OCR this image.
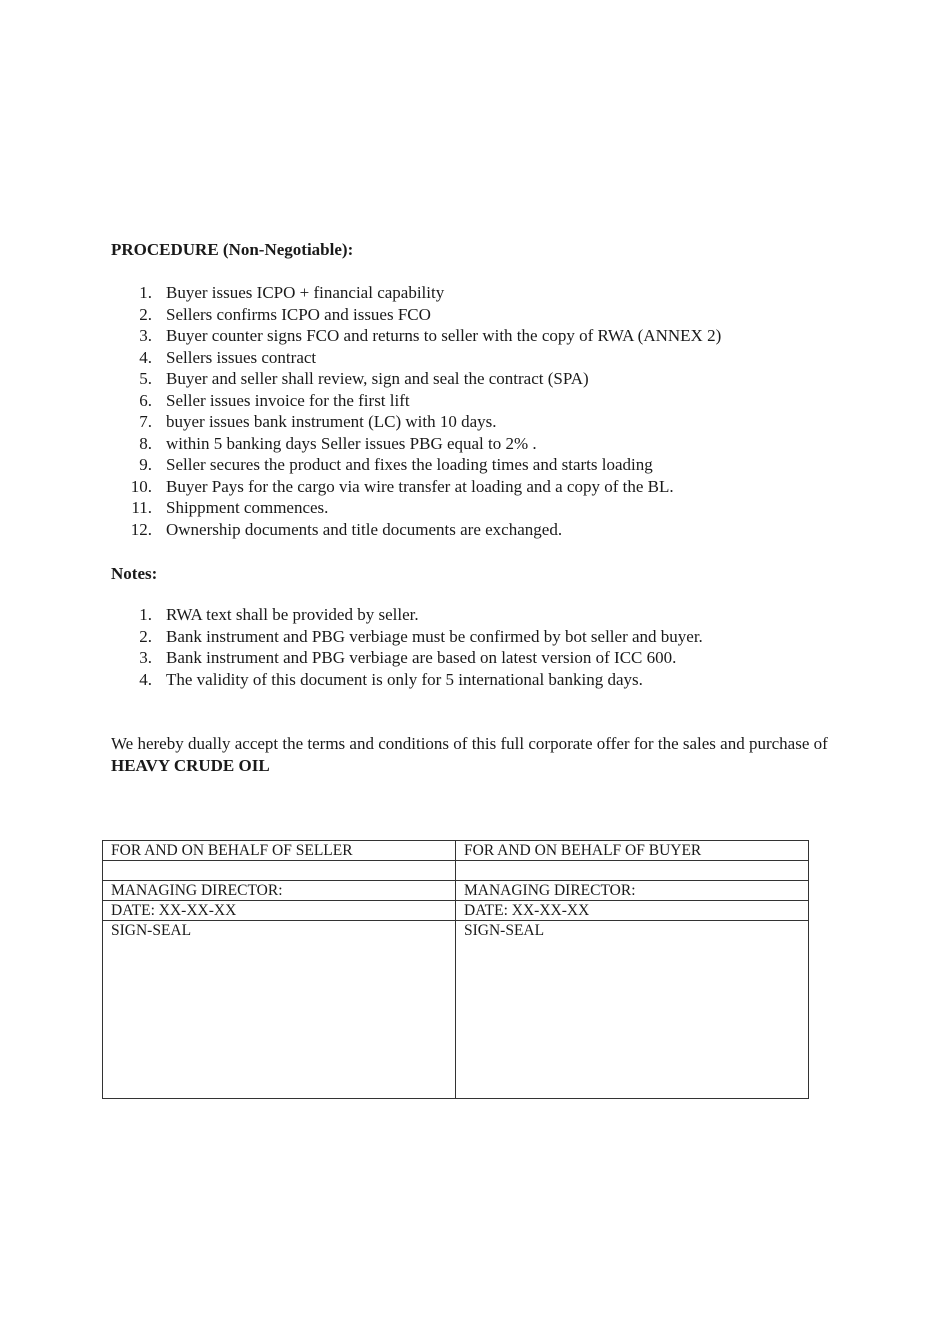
PROCEDURE (Non-Negotiable):

1. Buyer issues ICPO + financial capability
2. Sellers confirms ICPO and issues FCO
3. Buyer counter signs FCO and returns to seller with the copy of RWA (ANNEX 2)
4. Sellers issues contract
5. Buyer and seller shall review, sign and seal the contract (SPA)
6. Seller issues invoice for the first lift
7. buyer issues bank instrument (LC) with 10 days.
8. within 5 banking days Seller issues PBG equal to 2% .
9. Seller secures the product and fixes the loading times and starts loading
10. Buyer Pays for the cargo via wire transfer at loading and a copy of the BL.
11. Shippment commences.
12. Ownership documents and title documents are exchanged.

Notes:

1. RWA text shall be provided by seller.
2. Bank instrument and PBG verbiage must be confirmed by bot seller and buyer.
3. Bank instrument and PBG verbiage are based on latest version of ICC 600.
4. The validity of this document is only for 5 international banking days.

We hereby dually accept the terms and conditions of this full corporate offer for the sales and purchase of HEAVY CRUDE OIL

FOR AND ON BEHALF OF SELLER	FOR AND ON BEHALF OF BUYER

MANAGING DIRECTOR:	MANAGING DIRECTOR:
DATE: XX-XX-XX	DATE: XX-XX-XX
SIGN-SEAL	SIGN-SEAL
